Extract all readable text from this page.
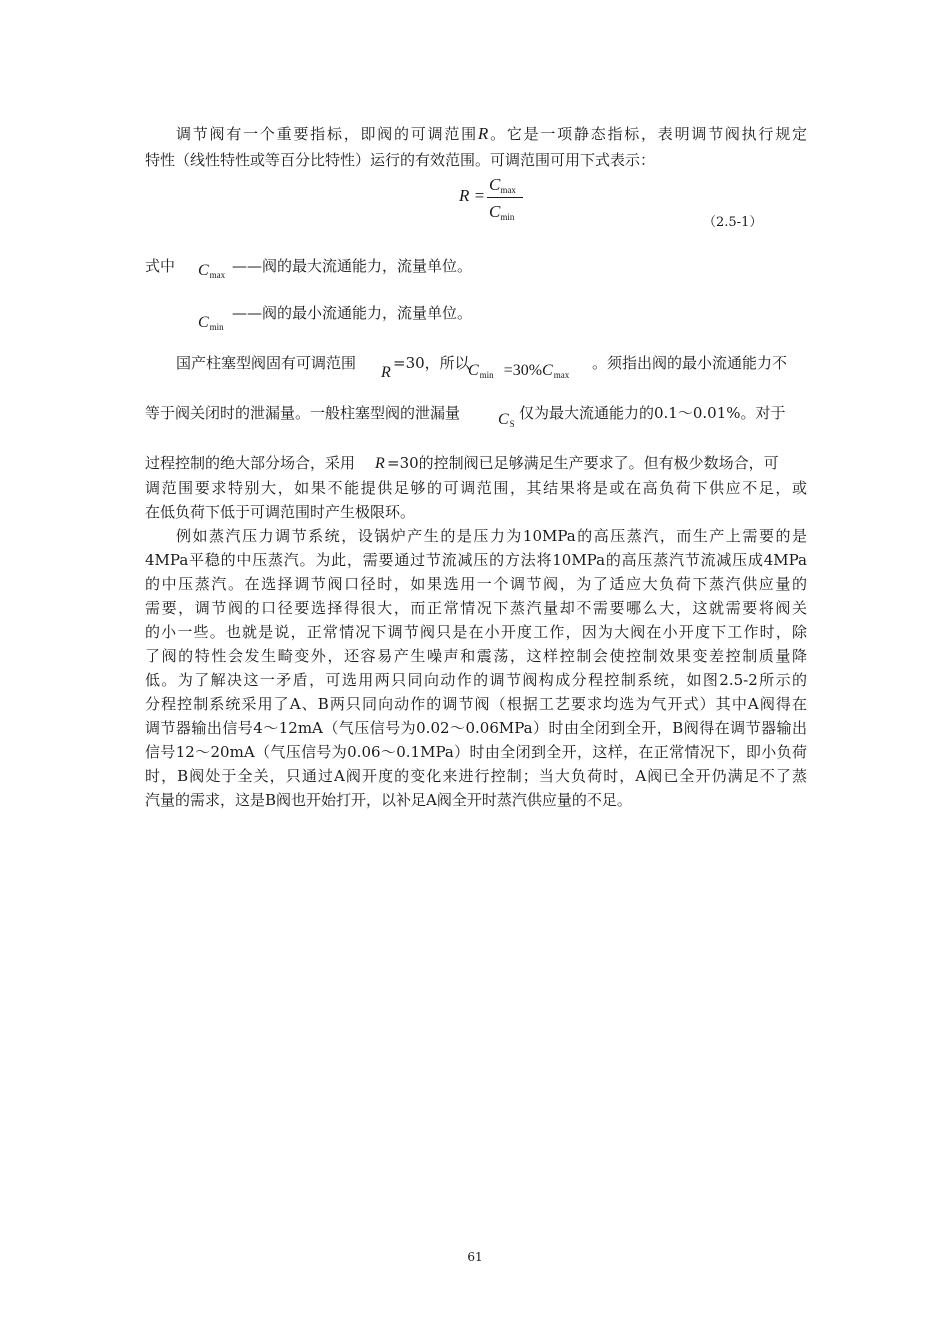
调节阀有一个重要指标，即阀的可调范围R。它是一项静态指标，表明调节阀执行规定
特性（线性特性或等百分比特性）运行的有效范围。可调范围可用下式表示：
R =
$C_{max}$
$C_{min}$	（2.5-1）
式中 $C_{max}$ ——阀的最大流通能力，流量单位。
$C_{min}$
——阀的最小流通能力，流量单位。
国产柱塞型阀固有可调范围
R
=30，所以
$C_{min} =30\%C_{max}$
。须指出阀的最小流通能力不
等于阀关闭时的泄漏量。一般柱塞型阀的泄漏量 $C_S$
仅为最大流通能力的0.1～0.01%。对于
过程控制的绝大部分场合，采用 R =30的控制阀已足够满足生产要求了。但有极少数场合，可
调范围要求特别大，如果不能提供足够的可调范围，其结果将是或在高负荷下供应不足，或
在低负荷下低于可调范围时产生极限环。
例如蒸汽压力调节系统，设锅炉产生的是压力为10MPa的高压蒸汽，而生产上需要的是
4MPa平稳的中压蒸汽。为此，需要通过节流减压的方法将10MPa的高压蒸汽节流减压成4MPa
的中压蒸汽。在选择调节阀口径时，如果选用一个调节阀，为了适应大负荷下蒸汽供应量的
需要，调节阀的口径要选择得很大，而正常情况下蒸汽量却不需要哪么大，这就需要将阀关
的小一些。也就是说，正常情况下调节阀只是在小开度工作，因为大阀在小开度下工作时，除
了阀的特性会发生畸变外，还容易产生噪声和震荡，这样控制会使控制效果变差控制质量降
低。为了解决这一矛盾，可选用两只同向动作的调节阀构成分程控制系统，如图2.5-2所示的
分程控制系统采用了A、B两只同向动作的调节阀（根据工艺要求均选为气开式）其中A阀得在
调节器输出信号4～12mA（气压信号为0.02～0.06MPa）时由全闭到全开，B阀得在调节器输出
信号12～20mA（气压信号为0.06～0.1MPa）时由全闭到全开，这样，在正常情况下，即小负荷
时，B阀处于全关，只通过A阀开度的变化来进行控制；当大负荷时，A阀已全开仍满足不了蒸
汽量的需求，这是B阀也开始打开，以补足A阀全开时蒸汽供应量的不足。
61
